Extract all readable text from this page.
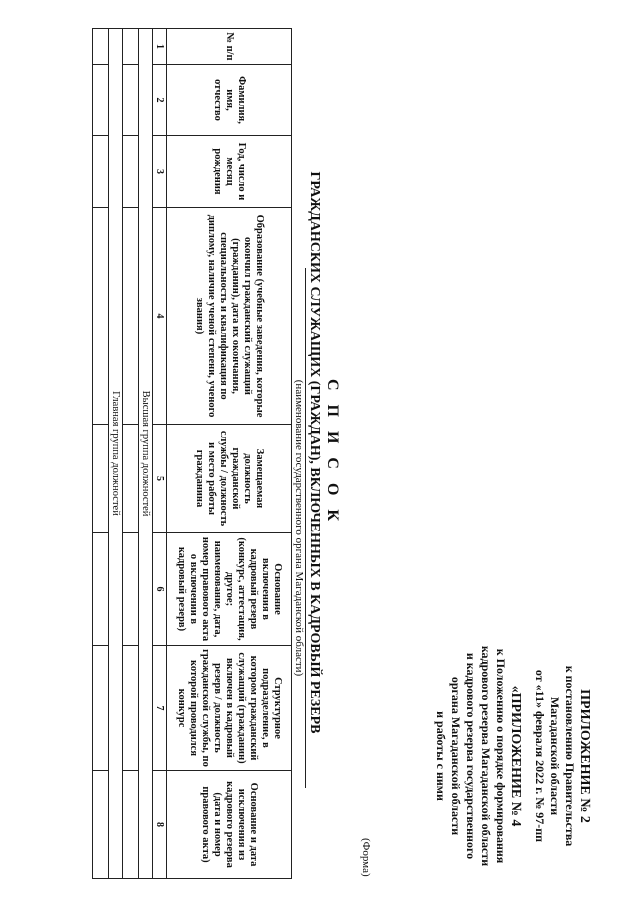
ПРИЛОЖЕНИЕ № 2
к постановлению Правительства
Магаданской области
от «11» февраля 2022 г. № 97-пп
«ПРИЛОЖЕНИЕ № 4
к Положению о порядке формирования
кадрового резерва Магаданской области
и кадрового резерва государственного
органа Магаданской области
и работы с ними
(Форма)
С П И С О К
ГРАЖДАНСКИХ СЛУЖАЩИХ (ГРАЖДАН), ВКЛЮЧЕННЫХ В КАДРОВЫЙ РЕЗЕРВ
(наименование государственного органа Магаданской области)
№ п/п	Фамилия, имя, отчество	Год, число и месяц рождения	Образование (учебные заведения, которые окончил гражданский служащий (гражданин), дата их окончания, специальность и квалификация по диплому, наличие ученой степени, ученого звания)	Замещаемая должность гражданской службы / должность и место работы гражданина	Основание включения в кадровый резерв (конкурс, аттестация, другое; наименование, дата, номер правового акта о включении в кадровый резерв)	Структурное подразделение, в котором гражданский служащий (гражданин) включен в кадровый резерв / должность гражданской службы, по которой проводился конкурс	Основание и дата исключения из кадрового резерва (дата и номер правового акта)
1	2	3	4	5	6	7	8
Высшая группа должностей							

Главная группа должностей							
